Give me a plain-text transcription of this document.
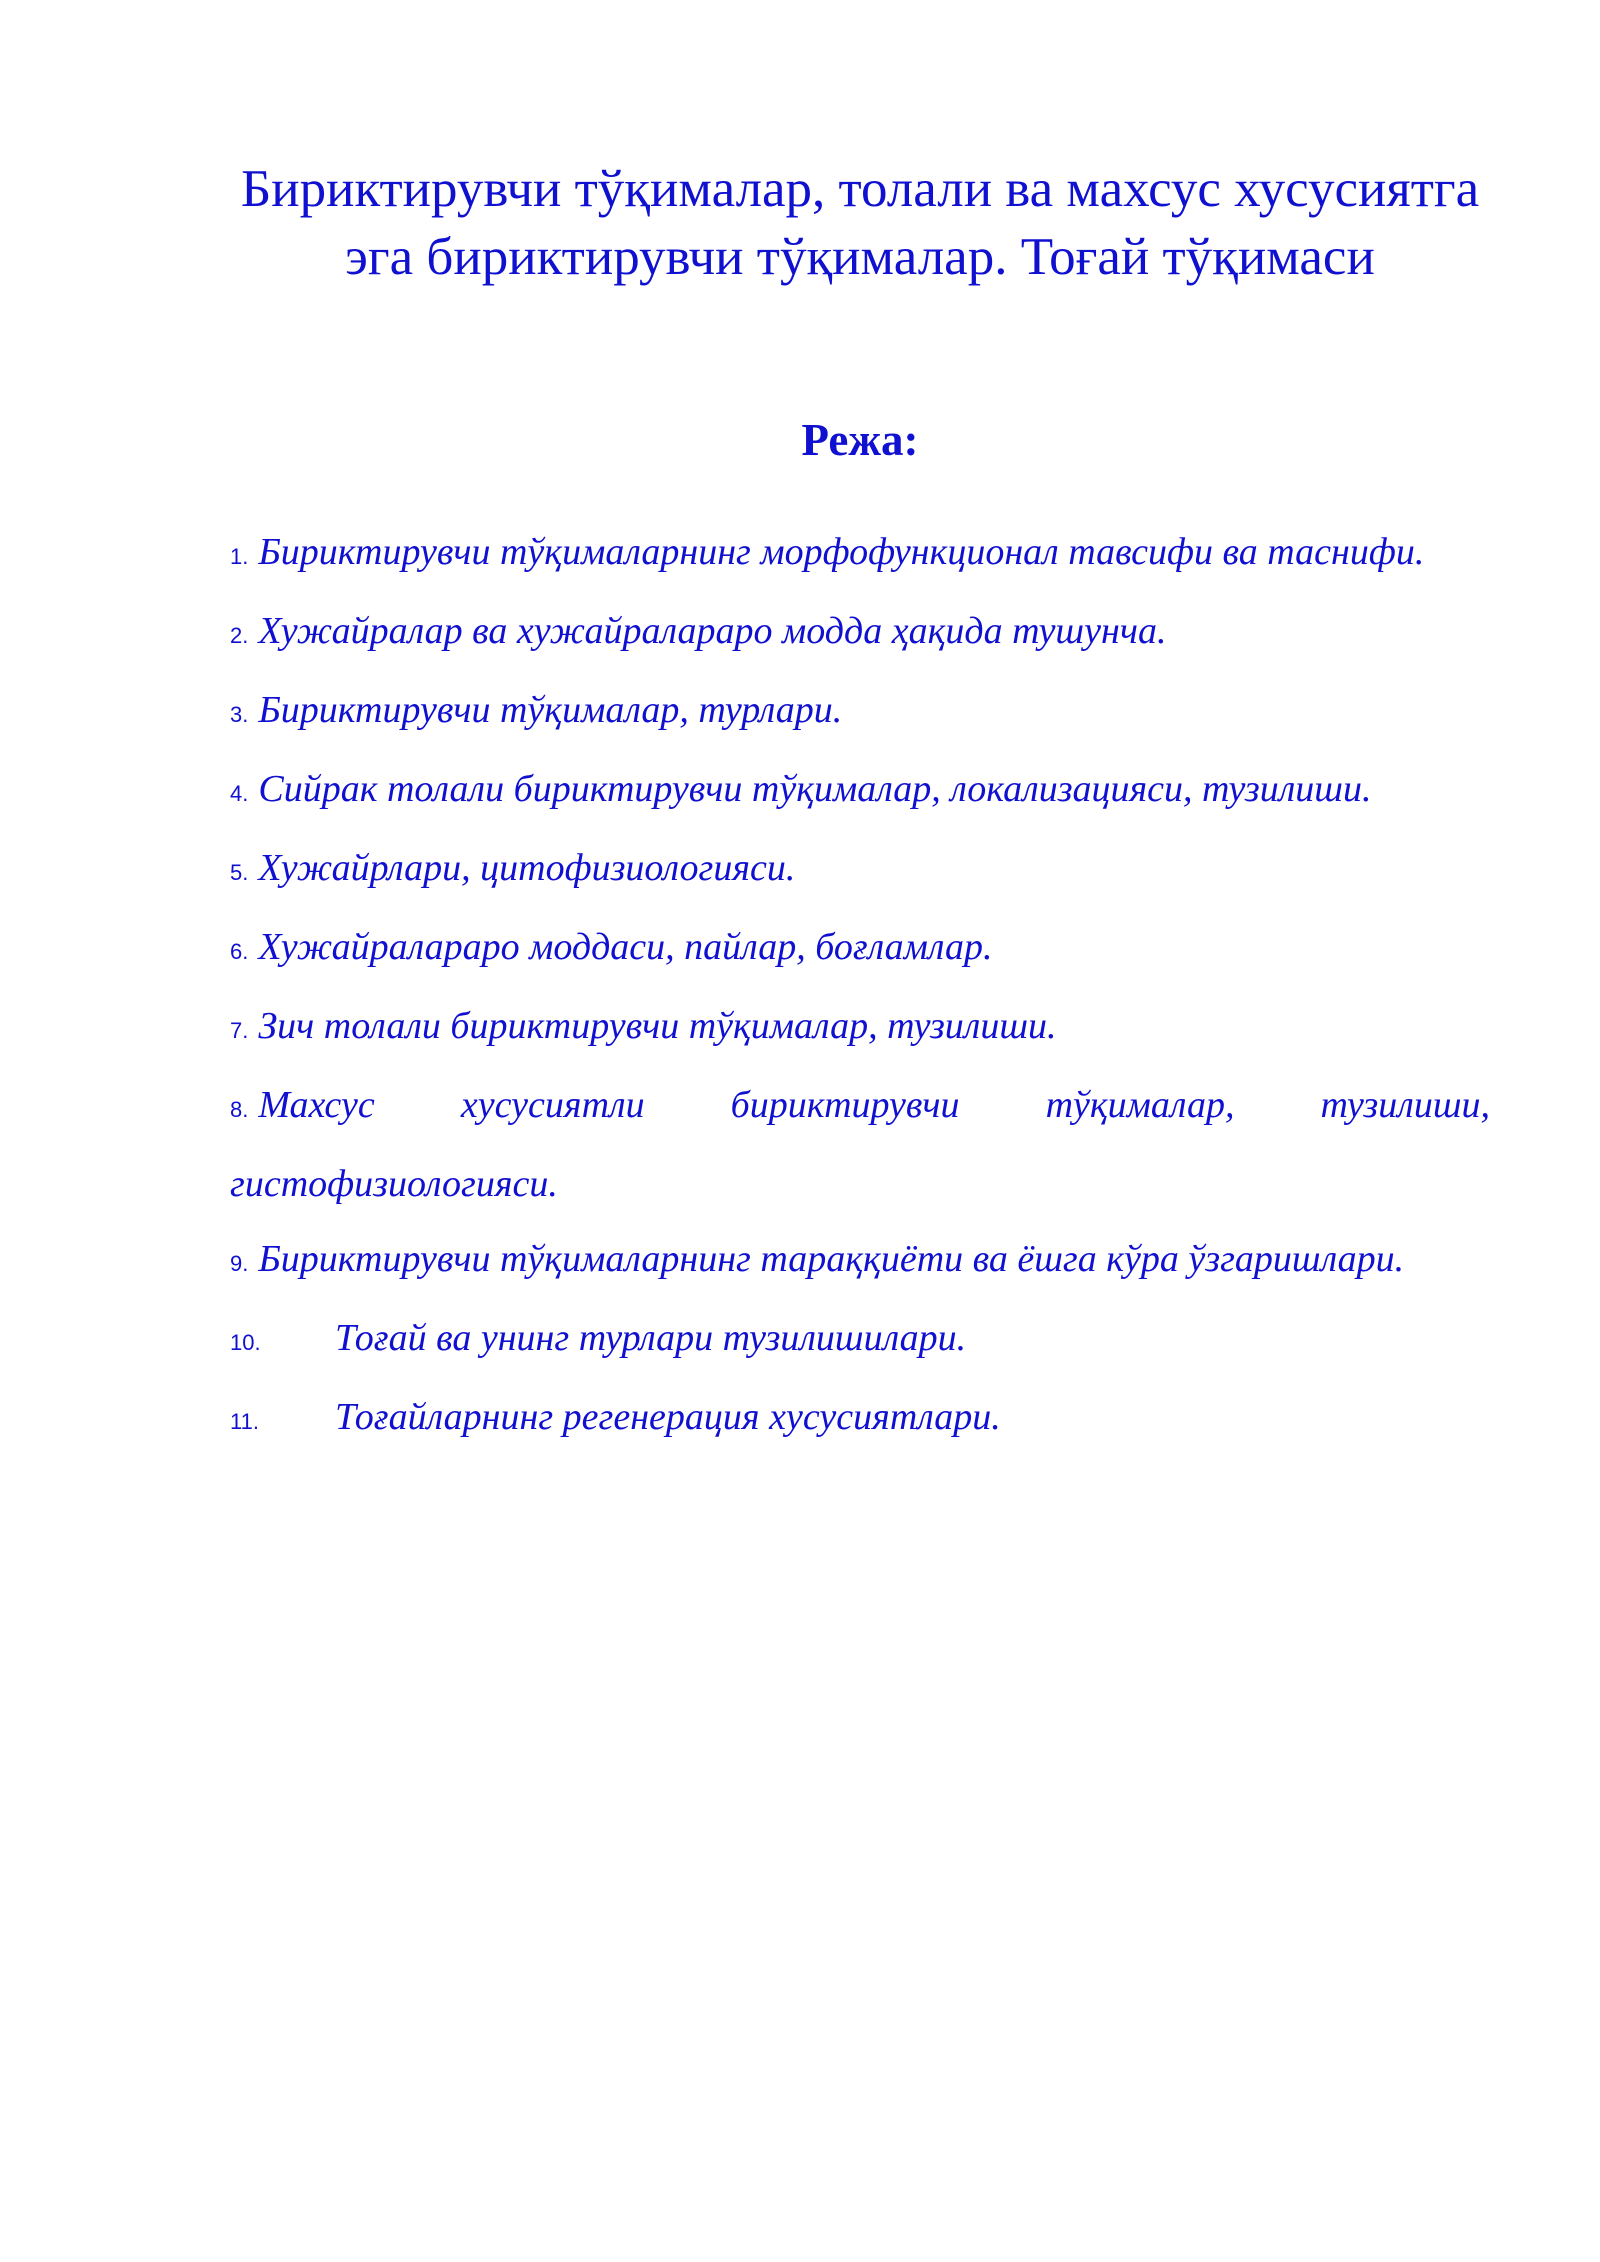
Бириктирувчи тўқималар, толали ва махсус хусусиятга эга бириктирувчи тўқималар. Тоғай тўқимаси
Режа:
1. Бириктирувчи тўқималарнинг морфофункционал тавсифи ва таснифи.
2. Хужайралар ва хужайралараро модда ҳақида тушунча.
3. Бириктирувчи тўқималар, турлари.
4. Сийрак толали бириктирувчи тўқималар, локализацияси, тузилиши.
5. Хужайрлари, цитофизиологияси.
6. Хужайралараро моддаси, пайлар, боғламлар.
7. Зич толали бириктирувчи тўқималар, тузилиши.
8. Махсус хусусиятли бириктирувчи тўқималар, тузилиши, гистофизиологияси.
9. Бириктирувчи тўқималарнинг тараққиёти ва ёшга кўра ўзгаришлари.
10. Тоғай ва унинг турлари тузилишилари.
11. Тоғайларнинг регенерация хусусиятлари.
